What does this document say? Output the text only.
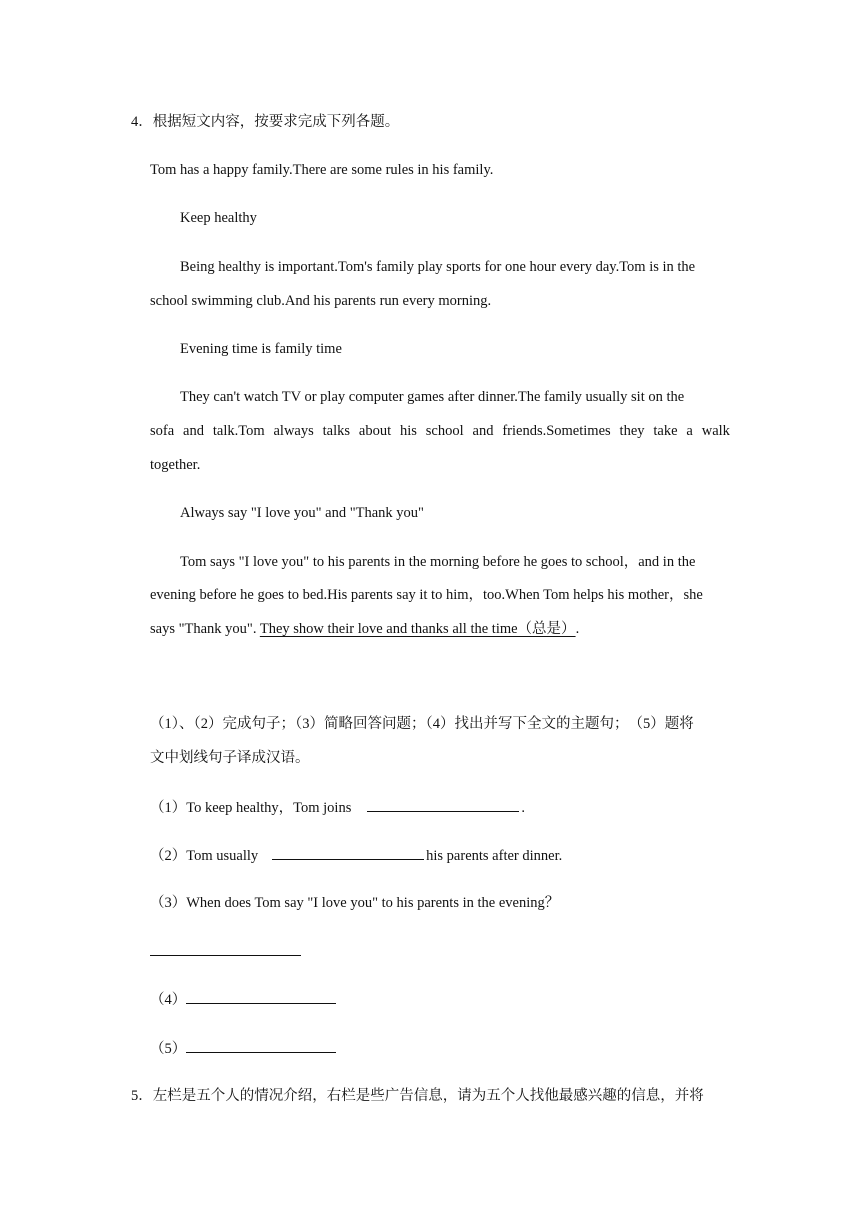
4．根据短文内容，按要求完成下列各题。
Tom has a happy family.There are some rules in his family.
Keep healthy
Being healthy is important.Tom's family play sports for one hour every day.Tom is in the
school swimming club.And his parents run every morning.
Evening time is family time
They can't watch TV or play computer games after dinner.The family usually sit on the
sofa and talk.Tom always talks about his school and friends.Sometimes they take a walk
together.
Always say "I love you" and "Thank you"
Tom says "I love you" to his parents in the morning before he goes to school，and in the
evening before he goes to bed.His parents say it to him，too.When Tom helps his mother，she
says "Thank you". They show their love and thanks all the time（总是）.
（1）、（2）完成句子；（3）简略回答问题；（4）找出并写下全文的主题句；　（5）题将
文中划线句子译成汉语。
（1）To keep healthy，Tom joins	.
（2）Tom usually	his parents after dinner.
（3）When does Tom say "I love you" to his parents in the evening？
（4）
（5）
5．左栏是五个人的情况介绍，右栏是些广告信息，请为五个人找他最感兴趣的信息，并将
